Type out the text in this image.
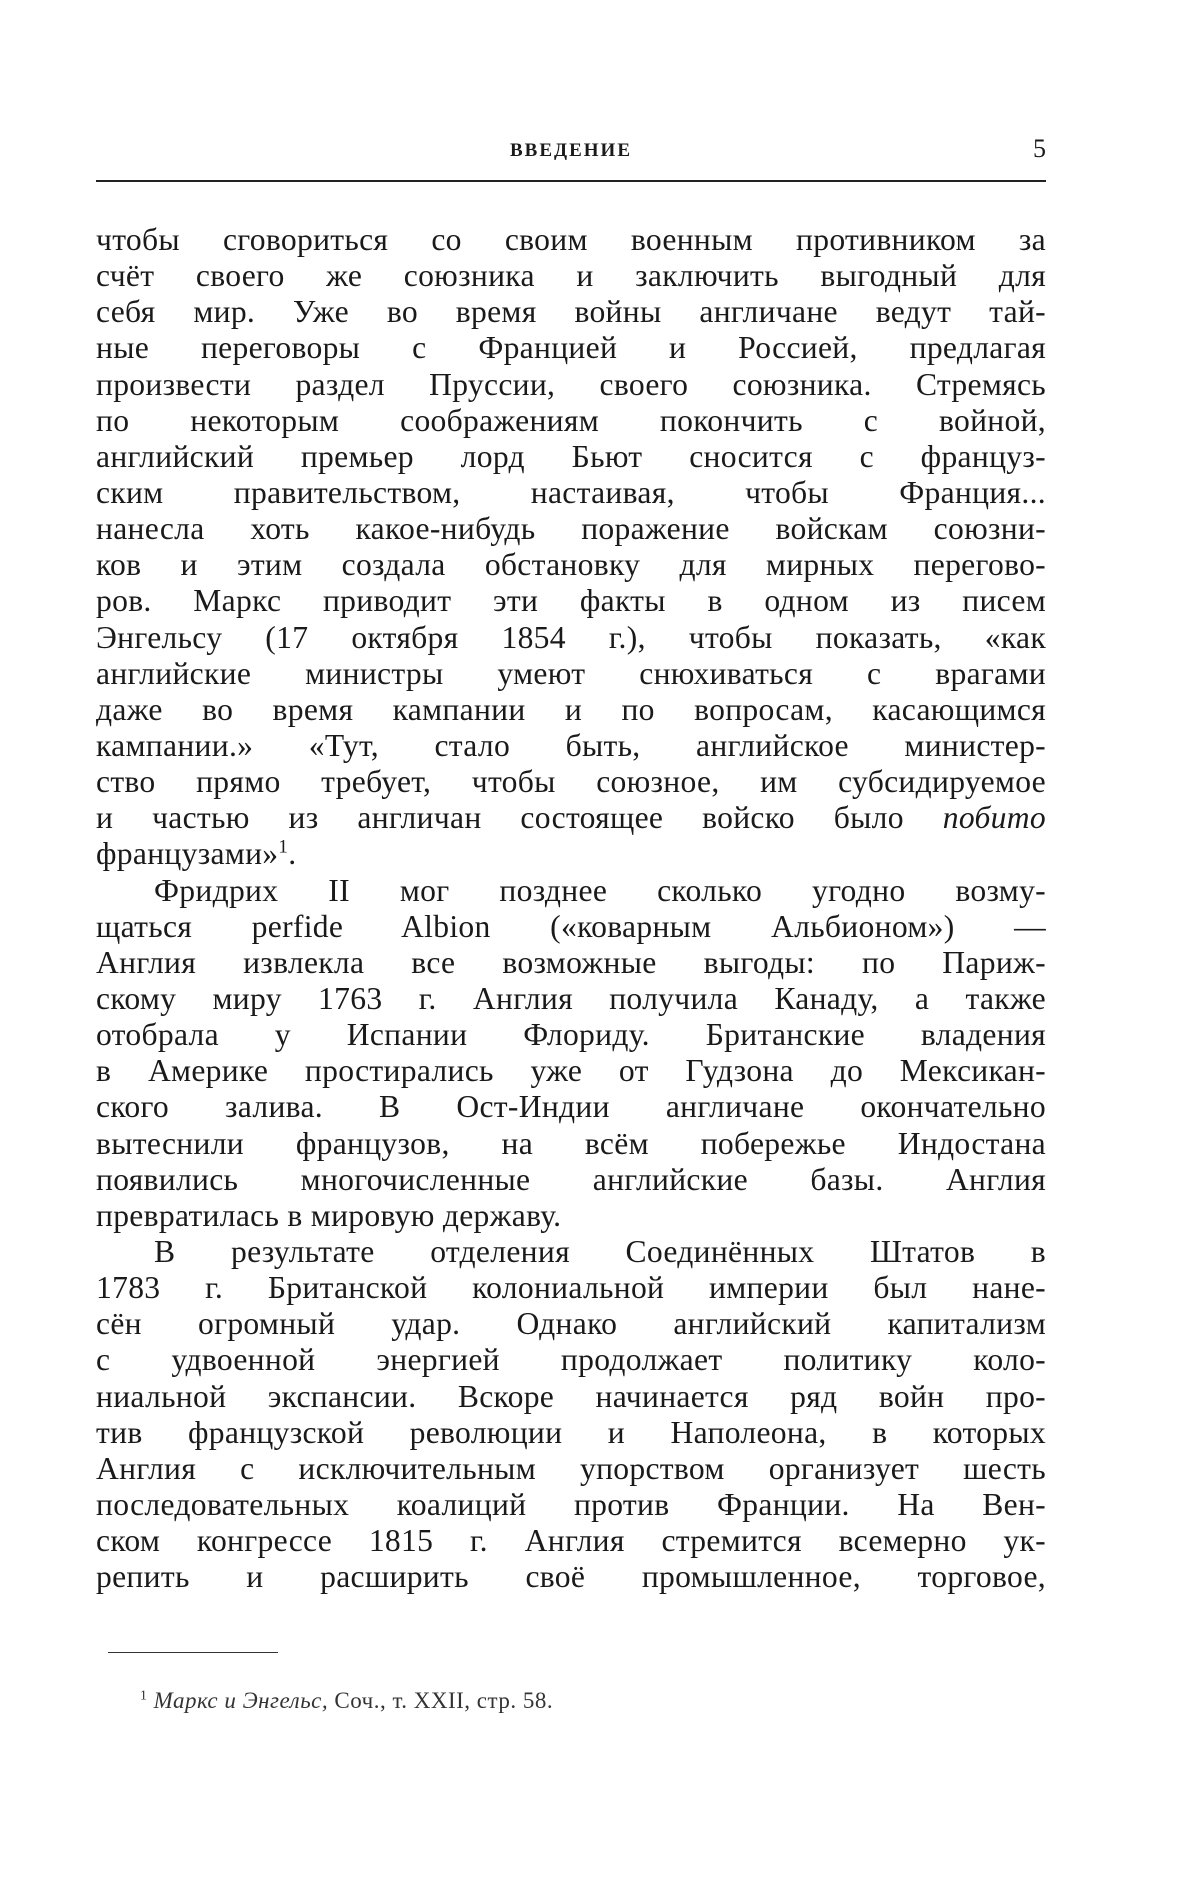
ВВЕДЕНИЕ	5

чтобы сговориться со своим военным противником за
счёт своего же союзника и заключить выгодный для
себя мир. Уже во время войны англичане ведут тай-
ные переговоры с Францией и Россией, предлагая
произвести раздел Пруссии, своего союзника. Стремясь
по некоторым соображениям покончить с войной,
английский премьер лорд Бьют сносится с француз-
ским правительством, настаивая, чтобы Франция...
нанесла хоть какое-нибудь поражение войскам союзни-
ков и этим создала обстановку для мирных перегово-
ров. Маркс приводит эти факты в одном из писем
Энгельсу (17 октября 1854 г.), чтобы показать, «как
английские министры умеют снюхиваться с врагами
даже во время кампании и по вопросам, касающимся
кампании.» «Тут, стало быть, английское министер-
ство прямо требует, чтобы союзное, им субсидируемое
и частью из англичан состоящее войско было побито
французами»$^1$.

Фридрих II мог позднее сколько угодно возму-
щаться perfide Albion («коварным Альбионом») —
Англия извлекла все возможные выгоды: по Париж-
скому миру 1763 г. Англия получила Канаду, а также
отобрала у Испании Флориду. Британские владения
в Америке простирались уже от Гудзона до Мексикан-
ского залива. В Ост-Индии англичане окончательно
вытеснили французов, на всём побережье Индостана
появились многочисленные английские базы. Англия
превратилась в мировую державу.

В результате отделения Соединённых Штатов в
1783 г. Британской колониальной империи был нане-
сён огромный удар. Однако английский капитализм
с удвоенной энергией продолжает политику коло-
ниальной экспансии. Вскоре начинается ряд войн про-
тив французской революции и Наполеона, в которых
Англия с исключительным упорством организует шесть
последовательных коалиций против Франции. На Вен-
ском конгрессе 1815 г. Англия стремится всемерно ук-
репить и расширить своё промышленное, торговое,

$^1$ Маркс и Энгельс, Соч., т. XXII, стр. 58.
